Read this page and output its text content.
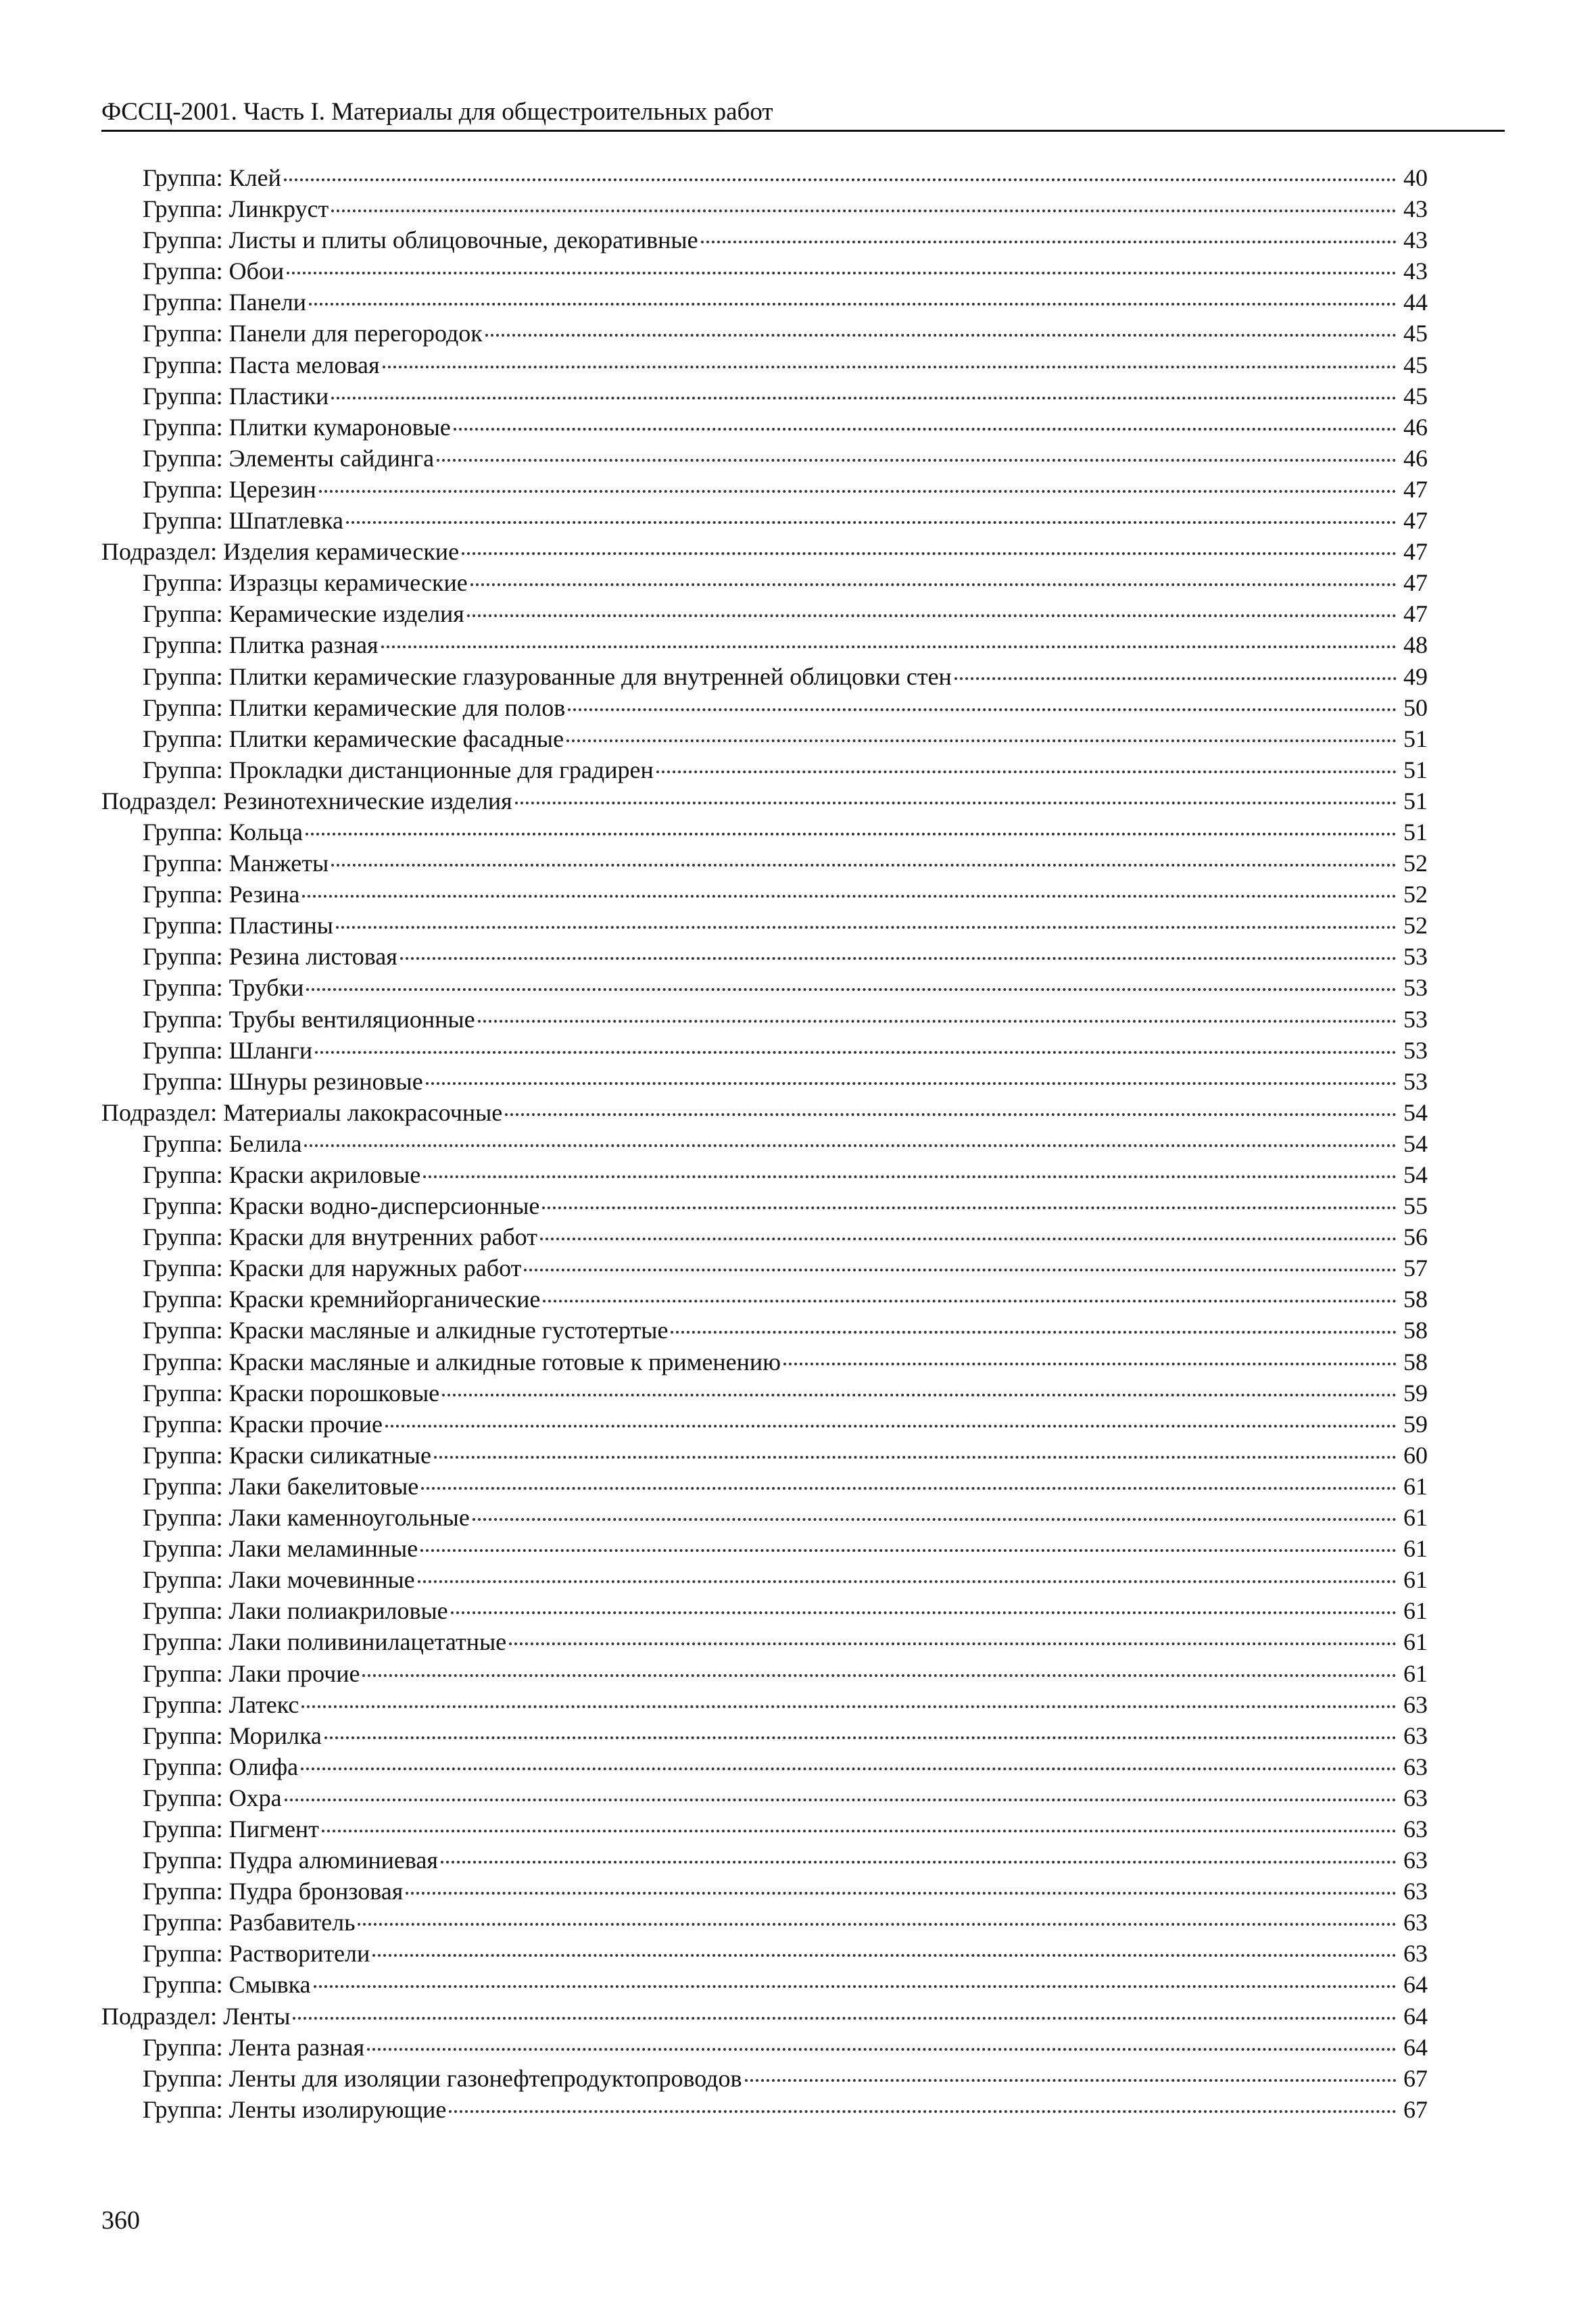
ФССЦ-2001. Часть I. Материалы для общестроительных работ
Группа: Клей	40
Группа: Линкруст	43
Группа: Листы и плиты облицовочные, декоративные	43
Группа: Обои	43
Группа: Панели	44
Группа: Панели для перегородок	45
Группа: Паста меловая	45
Группа: Пластики	45
Группа: Плитки кумароновые	46
Группа: Элементы сайдинга	46
Группа: Церезин	47
Группа: Шпатлевка	47
Подраздел: Изделия керамические	47
Группа: Изразцы керамические	47
Группа: Керамические изделия	47
Группа: Плитка разная	48
Группа: Плитки керамические глазурованные для внутренней облицовки стен	49
Группа: Плитки керамические для полов	50
Группа: Плитки керамические фасадные	51
Группа: Прокладки дистанционные для градирен	51
Подраздел: Резинотехнические изделия	51
Группа: Кольца	51
Группа: Манжеты	52
Группа: Резина	52
Группа: Пластины	52
Группа: Резина листовая	53
Группа: Трубки	53
Группа: Трубы вентиляционные	53
Группа: Шланги	53
Группа: Шнуры резиновые	53
Подраздел: Материалы лакокрасочные	54
Группа: Белила	54
Группа: Краски акриловые	54
Группа: Краски водно-дисперсионные	55
Группа: Краски для внутренних работ	56
Группа: Краски для наружных работ	57
Группа: Краски кремнийорганические	58
Группа: Краски масляные и алкидные густотертые	58
Группа: Краски масляные и алкидные готовые к применению	58
Группа: Краски порошковые	59
Группа: Краски прочие	59
Группа: Краски силикатные	60
Группа: Лаки бакелитовые	61
Группа: Лаки каменноугольные	61
Группа: Лаки меламинные	61
Группа: Лаки мочевинные	61
Группа: Лаки полиакриловые	61
Группа: Лаки поливинилацетатные	61
Группа: Лаки прочие	61
Группа: Латекс	63
Группа: Морилка	63
Группа: Олифа	63
Группа: Охра	63
Группа: Пигмент	63
Группа: Пудра алюминиевая	63
Группа: Пудра бронзовая	63
Группа: Разбавитель	63
Группа: Растворители	63
Группа: Смывка	64
Подраздел: Ленты	64
Группа: Лента разная	64
Группа: Ленты для изоляции газонефтепродуктопроводов	67
Группа: Ленты изолирующие	67
360
